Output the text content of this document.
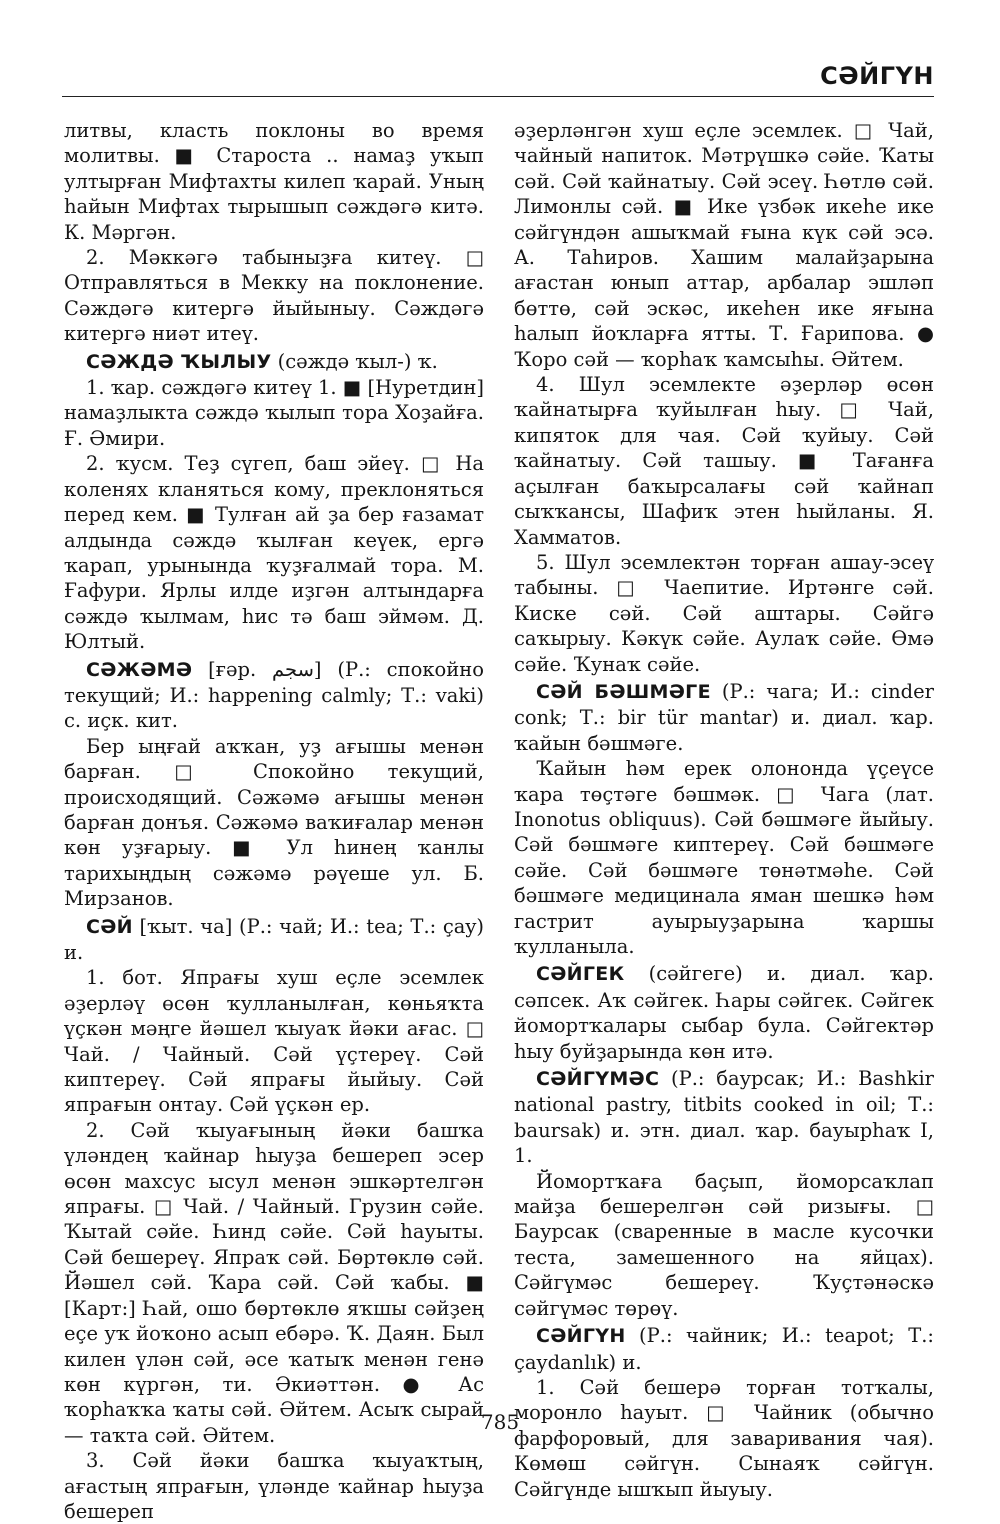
СӘЙГҮН

литвы, класть поклоны во время молитвы. ■ Староста .. намаҙ уҡып ултырған Мифтахты килеп ҡарай. Уның һайын Мифтах тырышып сәждәгә китә. К. Мәргән.

2. Мәккәгә табыныҙға китеү. □ Отправляться в Мекку на поклонение. Сәждәгә китергә йыйыныу. Сәждәгә китергә ниәт итеү.

СӘЖДӘ ҠЫЛЫУ (сәждә ҡыл-) ҡ.

1. ҡар. сәждәгә китеү 1. ■ [Нуретдин] намаҙлыкта сәждә ҡылып тора Хоҙайға. Ғ. Әмири.

2. ҡусм. Теҙ сүгеп, баш эйеү. □ На коленях кланяться кому, преклоняться перед кем. ■ Тулған ай ҙа бер ғазамат алдында сәждә ҡылған кеүек, ергә ҡарап, урынында ҡуҙғалмай тора. М. Ғафури. Ярлы илде иҙгән алтындарға сәждә ҡылмам, һис тә баш эймәм. Д. Юлтый.

СӘЖӘМӘ [ғәр. سجم] (Р.: спокойно текущий; И.: happening calmly; Т.: vaki) с. иҫк. кит.

Бер ыңғай аҡҡан, уҙ ағышы менән барған. □ Спокойно текущий, происходящий. Сәжәмә ағышы менән барған донъя. Сәжәмә ваҡиғалар менән көн уҙғарыу. ■ Ул һинең ҡанлы тарихыңдың сәжәмә рәүеше ул. Б. Мирзанов.

СӘЙ [ҡыт. ча] (Р.: чай; И.: tea; Т.: çay) и.

1. бот. Япрағы хуш еҫле эсемлек әҙерләү өсөн ҡулланылған, көньяҡта үҫкән мәңге йәшел ҡыуаҡ йәки ағас. □ Чай. / Чайный. Сәй үҫтереү. Сәй киптереү. Сәй япрағы йыйыу. Сәй япрағын онтау. Сәй үҫкән ер.

2. Сәй ҡыуағының йәки башҡа үләндең ҡайнар һыуҙа бешереп эсер өсөн махсус ысул менән эшкәртелгән япрағы. □ Чай. / Чайный. Грузин сәйе. Ҡытай сәйе. Һинд сәйе. Сәй һауыты. Сәй бешереү. Япраҡ сәй. Бөртөклө сәй. Йәшел сәй. Ҡара сәй. Сәй ҡабы. ■ [Карт:] Һай, ошо бөртөклө яҡшы сәйҙең еҫе уҡ йоҡоно асып ебәрә. Ҡ. Даян. Был килен үлән сәй, әсе ҡатыҡ менән генә көн күргән, ти. Әкиәттән. ● Ас ҡорһаҡҡа ҡаты сәй. Әйтем. Асыҡ сырай — таҡта сәй. Әйтем.

3. Сәй йәки башҡа ҡыуаҡтың, ағастың япрағын, үләнде ҡайнар һыуҙа бешереп

әҙерләнгән хуш еҫле эсемлек. □ Чай, чайный напиток. Мәтрүшкә сәйе. Ҡаты сәй. Сәй ҡайнатыу. Сәй эсеү. Һөтлө сәй. Лимонлы сәй. ■ Ике үзбәк икеһе ике сәйгүндән ашыҡмай ғына күк сәй эсә. А. Таһиров. Хашим малайҙарына ағастан юнып аттар, арбалар эшләп бөттө, сәй эскәс, икеһен ике яғына һалып йоҡларға ятты. Т. Ғарипова. ● Ҡоро сәй — ҡорһаҡ ҡамсыһы. Әйтем.

4. Шул эсемлекте әҙерләр өсөн ҡайнатырға ҡуйылған һыу. □ Чай, кипяток для чая. Сәй ҡуйыу. Сәй ҡайнатыу. Сәй ташыу. ■ Тағанға аҫылған баҡырсалағы сәй ҡайнап сыҡҡансы, Шафиҡ этен һыйланы. Я. Хамматов.

5. Шул эсемлектән торған ашау-эсеү табыны. □ Чаепитие. Иртәнге сәй. Киске сәй. Сәй аштары. Сәйгә саҡырыу. Кәкүк сәйе. Аулаҡ сәйе. Өмә сәйе. Ҡунаҡ сәйе.

СӘЙ БӘШМӘГЕ (Р.: чага; И.: cinder conk; Т.: bir tür mantar) и. диал. ҡар. ҡайын бәшмәге.

Ҡайын һәм ерек олононда үҫеүсе ҡара төҫтәге бәшмәк. □ Чага (лат. Inonotus obliquus). Сәй бәшмәге йыйыу. Сәй бәшмәге киптереү. Сәй бәшмәге сәйе. Сәй бәшмәге төнәтмәһе. Сәй бәшмәге медицинала яман шешкә һәм гастрит ауырыуҙарына ҡаршы ҡулланыла.

СӘЙГЕК (сәйгеге) и. диал. ҡар. сәпсек. Аҡ сәйгек. Һары сәйгек. Сәйгек йомортҡалары сыбар була. Сәйгектәр һыу буйҙарында көн итә.

СӘЙГҮМӘС (Р.: баурсак; И.: Bashkir national pastry, titbits cooked in oil; Т.: baursak) и. этн. диал. ҡар. бауырһаҡ I, 1.

Йомортҡаға баҫып, йоморсаҡлап майҙа бешерелгән сәй ризығы. □ Баурсак (сваренные в масле кусочки теста, замешенного на яйцах). Сәйгүмәс бешереү. Ҡуҫтәнәскә сәйгүмәс төрөү.

СӘЙГҮН (Р.: чайник; И.: teapot; Т.: çaydanlık) и.

1. Сәй бешерә торған тотҡалы, моронло һауыт. □ Чайник (обычно фарфоровый, для заваривания чая). Көмөш сәйгүн. Сынаяҡ сәйгүн. Сәйгүнде ышҡып йыуыу.

785
